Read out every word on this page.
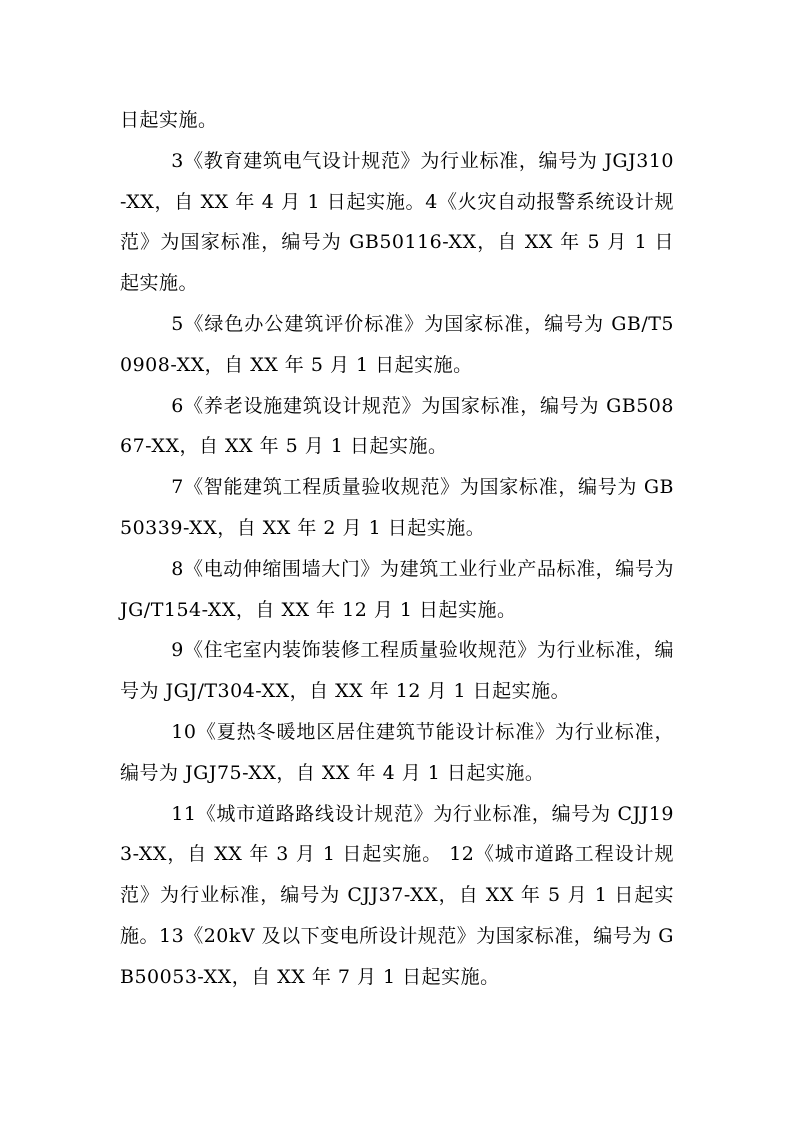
日起实施。

3《教育建筑电气设计规范》为行业标准，编号为 JGJ310-XX，自 XX 年 4 月 1 日起实施。4《火灾自动报警系统设计规范》为国家标准，编号为 GB50116-XX，自 XX 年 5 月 1 日起实施。

5《绿色办公建筑评价标准》为国家标准，编号为 GB/T50908-XX，自 XX 年 5 月 1 日起实施。

6《养老设施建筑设计规范》为国家标准，编号为 GB50867-XX，自 XX 年 5 月 1 日起实施。

7《智能建筑工程质量验收规范》为国家标准，编号为 GB50339-XX，自 XX 年 2 月 1 日起实施。

8《电动伸缩围墙大门》为建筑工业行业产品标准，编号为 JG/T154-XX，自 XX 年 12 月 1 日起实施。

9《住宅室内装饰装修工程质量验收规范》为行业标准，编号为 JGJ/T304-XX，自 XX 年 12 月 1 日起实施。

10《夏热冬暖地区居住建筑节能设计标准》为行业标准，编号为 JGJ75-XX，自 XX 年 4 月 1 日起实施。

11《城市道路路线设计规范》为行业标准，编号为 CJJ193-XX，自 XX 年 3 月 1 日起实施。 12《城市道路工程设计规范》为行业标准，编号为 CJJ37-XX，自 XX 年 5 月 1 日起实施。13《20kV 及以下变电所设计规范》为国家标准，编号为 GB50053-XX，自 XX 年 7 月 1 日起实施。
